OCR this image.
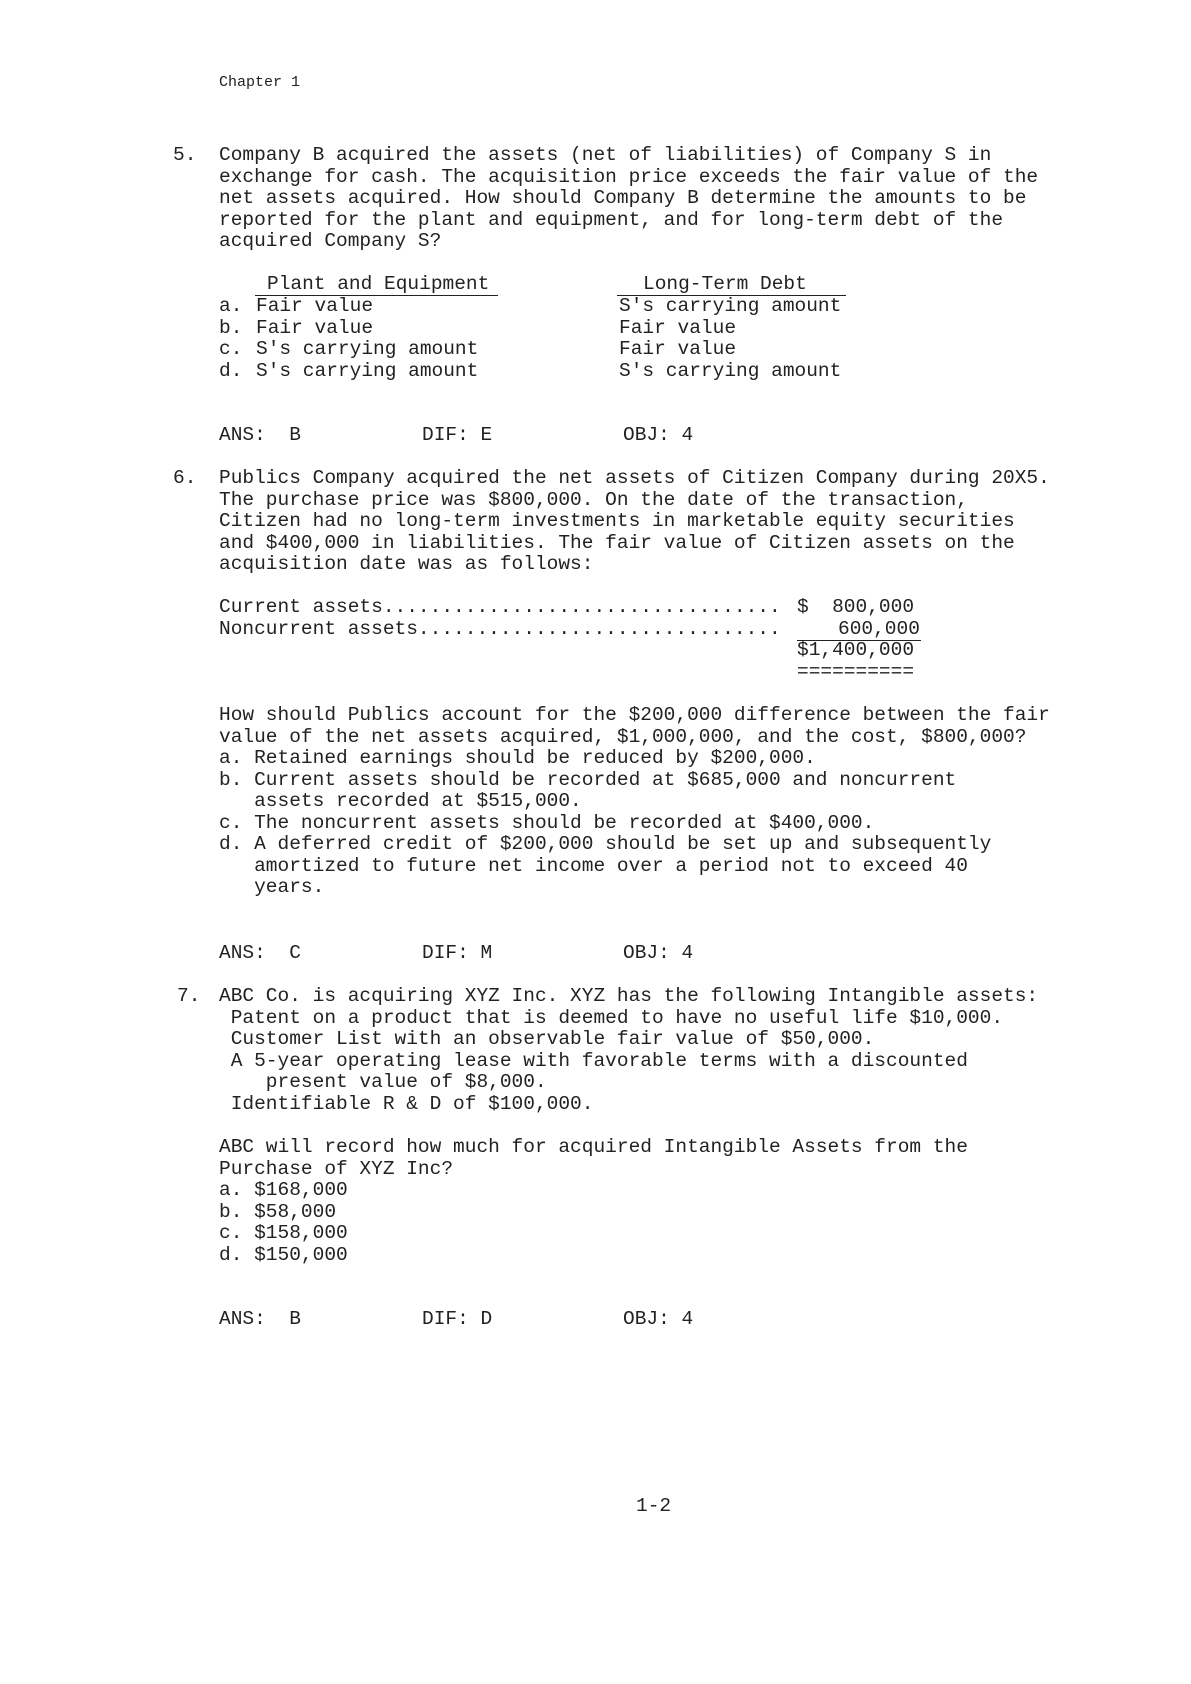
Chapter 1
5. Company B acquired the assets (net of liabilities) of Company S in
exchange for cash. The acquisition price exceeds the fair value of the
net assets acquired. How should Company B determine the amounts to be
reported for the plant and equipment, and for long-term debt of the
acquired Company S?
Plant and Equipment	Long-Term Debt
a. Fair value	S's carrying amount
b. Fair value	Fair value
c. S's carrying amount	Fair value
d. S's carrying amount	S's carrying amount
ANS:  B	DIF: E	OBJ: 4
6. Publics Company acquired the net assets of Citizen Company during 20X5.
The purchase price was $800,000. On the date of the transaction,
Citizen had no long-term investments in marketable equity securities
and $400,000 in liabilities. The fair value of Citizen assets on the
acquisition date was as follows:
Current assets.................................. $  800,000
Noncurrent assets...............................	600,000
$1,400,000
==========
How should Publics account for the $200,000 difference between the fair
value of the net assets acquired, $1,000,000, and the cost, $800,000?
a. Retained earnings should be reduced by $200,000.
b. Current assets should be recorded at $685,000 and noncurrent
assets recorded at $515,000.
c. The noncurrent assets should be recorded at $400,000.
d. A deferred credit of $200,000 should be set up and subsequently
amortized to future net income over a period not to exceed 40
years.
ANS:  C	DIF: M	OBJ: 4
7. ABC Co. is acquiring XYZ Inc. XYZ has the following Intangible assets:
Patent on a product that is deemed to have no useful life $10,000.
Customer List with an observable fair value of $50,000.
A 5-year operating lease with favorable terms with a discounted
present value of $8,000.
Identifiable R & D of $100,000.
ABC will record how much for acquired Intangible Assets from the
Purchase of XYZ Inc?
a. $168,000
b. $58,000
c. $158,000
d. $150,000
ANS:  B	DIF: D	OBJ: 4
1-2
